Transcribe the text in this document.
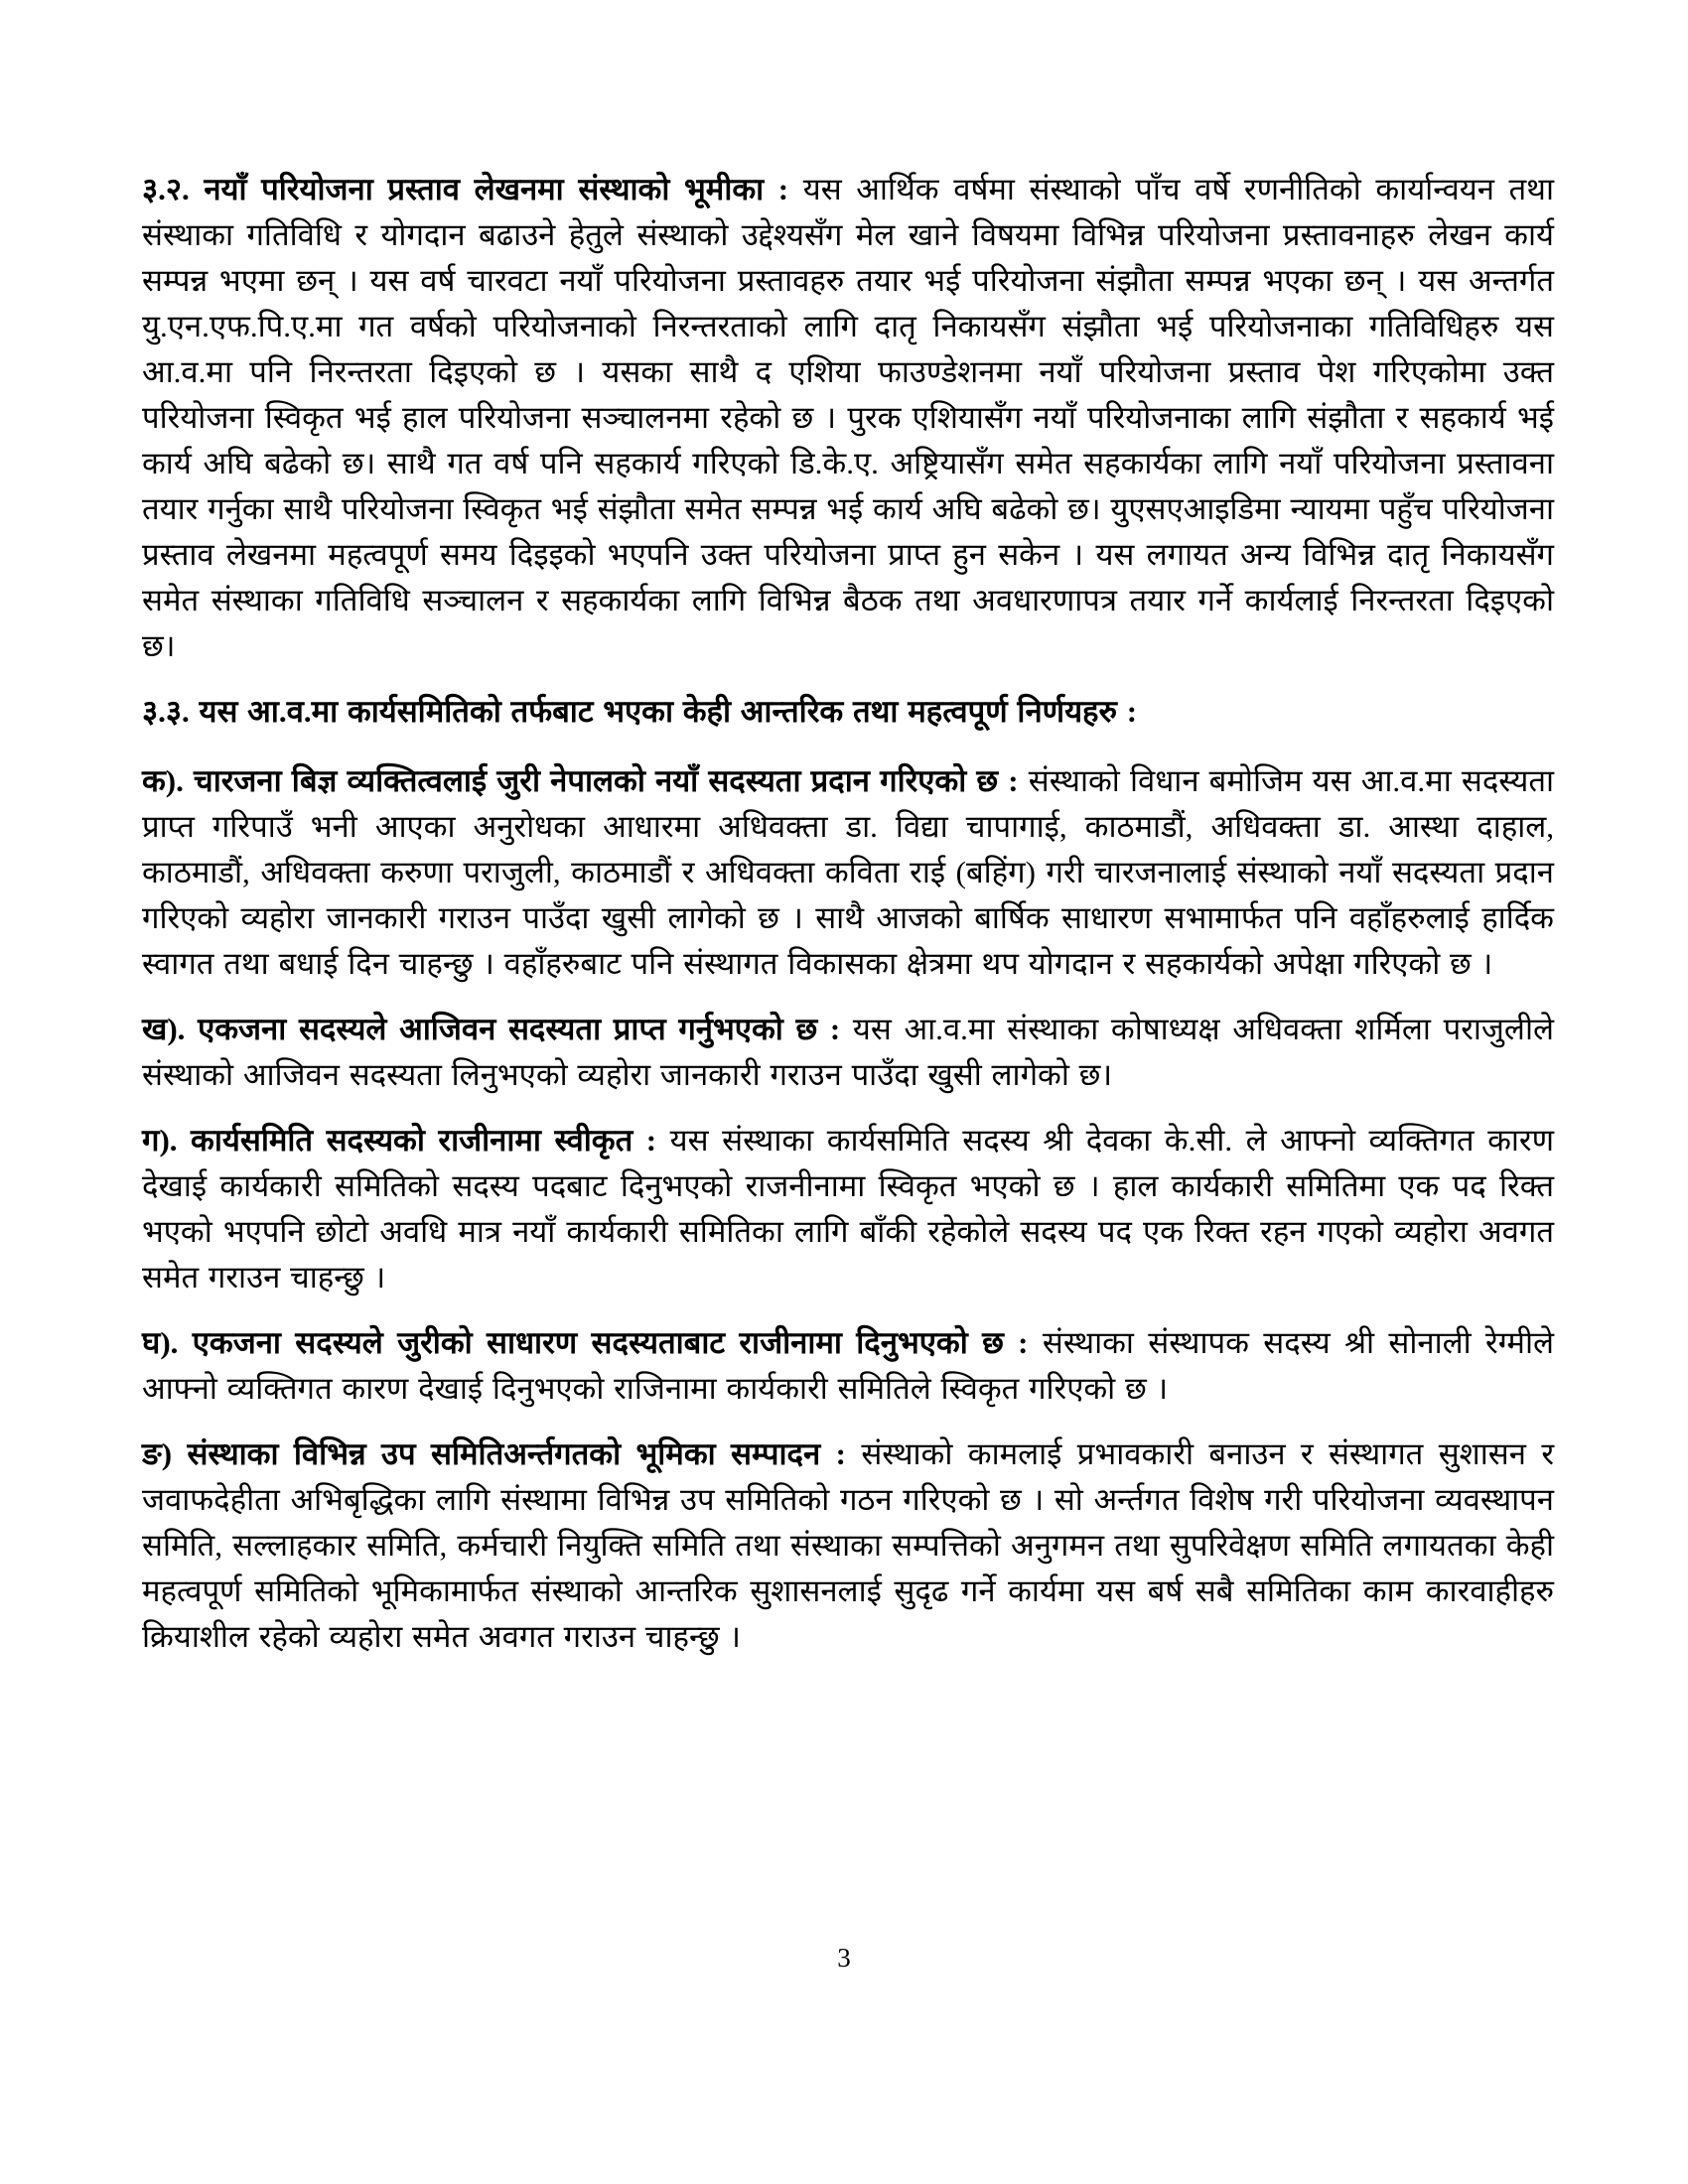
३.२. नयाँ परियोजना प्रस्ताव लेखनमा संस्थाको भूमीका : यस आर्थिक वर्षमा संस्थाको पाँच वर्षे रणनीतिको कार्यान्वयन तथा संस्थाका गतिविधि र योगदान बढाउने हेतुले संस्थाको उद्देश्यसँग मेल खाने विषयमा विभिन्न परियोजना प्रस्तावनाहरु लेखन कार्य सम्पन्न भएमा छन् । यस वर्ष चारवटा नयाँ परियोजना प्रस्तावहरु तयार भई परियोजना संझौता सम्पन्न भएका छन् । यस अन्तर्गत यु.एन.एफ.पि.ए.मा गत वर्षको परियोजनाको निरन्तरताको लागि दातृ निकायसँग संझौता भई परियोजनाका गतिविधिहरु यस आ.व.मा पनि निरन्तरता दिइएको छ । यसका साथै द एशिया फाउण्डेशनमा नयाँ परियोजना प्रस्ताव पेश गरिएकोमा उक्त परियोजना स्विकृत भई हाल परियोजना सञ्चालनमा रहेको छ । पुरक एशियासँग नयाँ परियोजनाका लागि संझौता र सहकार्य भई कार्य अघि बढेको छ। साथै गत वर्ष पनि सहकार्य गरिएको डि.के.ए. अष्ट्रियासँग समेत सहकार्यका लागि नयाँ परियोजना प्रस्तावना तयार गर्नुका साथै परियोजना स्विकृत भई संझौता समेत सम्पन्न भई कार्य अघि बढेको छ। युएसएआइडिमा न्यायमा पहुँच परियोजना प्रस्ताव लेखनमा महत्वपूर्ण समय दिइइको भएपनि उक्त परियोजना प्राप्त हुन सकेन । यस लगायत अन्य विभिन्न दातृ निकायसँग समेत संस्थाका गतिविधि सञ्चालन र सहकार्यका लागि विभिन्न बैठक तथा अवधारणापत्र तयार गर्ने कार्यलाई निरन्तरता दिइएको छ।

३.३. यस आ.व.मा कार्यसमितिको तर्फबाट भएका केही आन्तरिक तथा महत्वपूर्ण निर्णयहरु :

क). चारजना बिज्ञ व्यक्तित्वलाई जुरी नेपालको नयाँ सदस्यता प्रदान गरिएको छ : संस्थाको विधान बमोजिम यस आ.व.मा सदस्यता प्राप्त गरिपाउँ भनी आएका अनुरोधका आधारमा अधिवक्ता डा. विद्या चापागाई, काठमाडौं, अधिवक्ता डा. आस्था दाहाल, काठमाडौं, अधिवक्ता करुणा पराजुली, काठमाडौं र अधिवक्ता कविता राई (बहिंग) गरी चारजनालाई संस्थाको नयाँ सदस्यता प्रदान गरिएको व्यहोरा जानकारी गराउन पाउँदा खुसी लागेको छ । साथै आजको बार्षिक साधारण सभामार्फत पनि वहाँहरुलाई हार्दिक स्वागत तथा बधाई दिन चाहन्छु । वहाँहरुबाट पनि संस्थागत विकासका क्षेत्रमा थप योगदान र सहकार्यको अपेक्षा गरिएको छ ।

ख). एकजना सदस्यले आजिवन सदस्यता प्राप्त गर्नुभएको छ : यस आ.व.मा संस्थाका कोषाध्यक्ष अधिवक्ता शर्मिला पराजुलीले संस्थाको आजिवन सदस्यता लिनुभएको व्यहोरा जानकारी गराउन पाउँदा खुसी लागेको छ।

ग). कार्यसमिति सदस्यको राजीनामा स्वीकृत : यस संस्थाका कार्यसमिति सदस्य श्री देवका के.सी. ले आफ्नो व्यक्तिगत कारण देखाई कार्यकारी समितिको सदस्य पदबाट दिनुभएको राजनीनामा स्विकृत भएको छ । हाल कार्यकारी समितिमा एक पद रिक्त भएको भएपनि छोटो अवधि मात्र नयाँ कार्यकारी समितिका लागि बाँकी रहेकोले सदस्य पद एक रिक्त रहन गएको व्यहोरा अवगत समेत गराउन चाहन्छु ।

घ). एकजना सदस्यले जुरीको साधारण सदस्यताबाट राजीनामा दिनुभएको छ : संस्थाका संस्थापक सदस्य श्री सोनाली रेग्मीले आफ्नो व्यक्तिगत कारण देखाई दिनुभएको राजिनामा कार्यकारी समितिले स्विकृत गरिएको छ ।

ङ) संस्थाका विभिन्न उप समितिअर्न्तगतको भूमिका सम्पादन : संस्थाको कामलाई प्रभावकारी बनाउन र संस्थागत सुशासन र जवाफदेहीता अभिबृद्धिका लागि संस्थामा विभिन्न उप समितिको गठन गरिएको छ । सो अर्न्तगत विशेष गरी परियोजना व्यवस्थापन समिति, सल्लाहकार समिति, कर्मचारी नियुक्ति समिति तथा संस्थाका सम्पत्तिको अनुगमन तथा सुपरिवेक्षण समिति लगायतका केही महत्वपूर्ण समितिको भूमिकामार्फत संस्थाको आन्तरिक सुशासनलाई सुदृढ गर्ने कार्यमा यस बर्ष सबै समितिका काम कारवाहीहरु क्रियाशील रहेको व्यहोरा समेत अवगत गराउन चाहन्छु ।

3
